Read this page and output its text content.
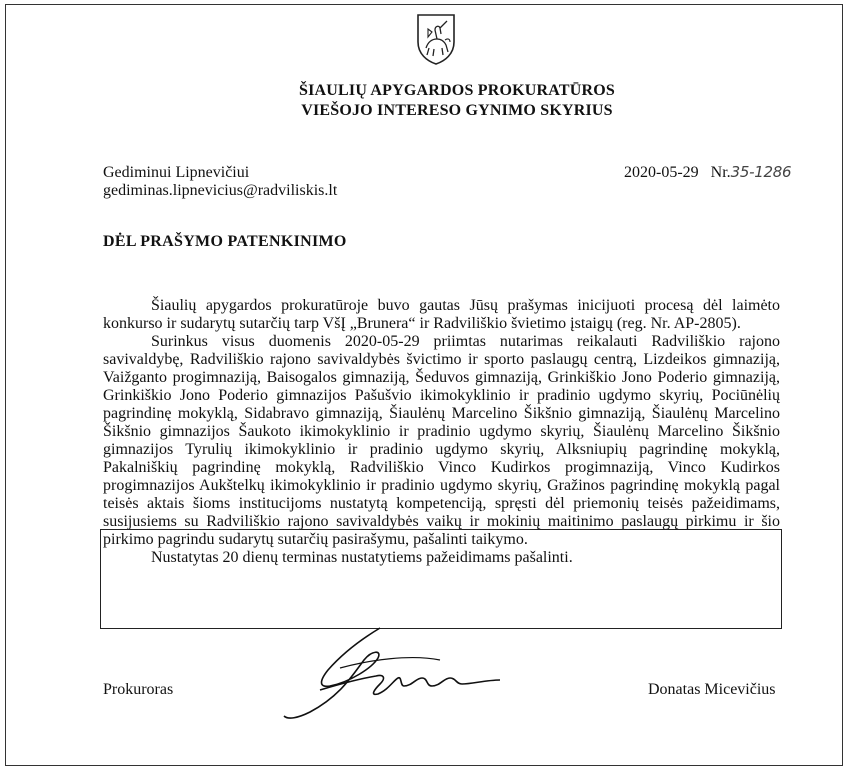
ŠIAULIŲ APYGARDOS PROKURATŪROS
VIEŠOJO INTERESO GYNIMO SKYRIUS
Gediminui Lipnevičiui
gediminas.lipnevicius@radviliskis.lt
2020-05-29 Nr.35-1286
DĖL PRAŠYMO PATENKINIMO

Šiaulių apygardos prokuratūroje buvo gautas Jūsų prašymas inicijuoti procesą dėl laimėto konkurso ir sudarytų sutarčių tarp VšĮ „Brunera“ ir Radviliškio švietimo įstaigų (reg. Nr. AP-2805).

Surinkus visus duomenis 2020-05-29 priimtas nutarimas reikalauti Radviliškio rajono savivaldybę, Radviliškio rajono savivaldybės švictimo ir sporto paslaugų centrą, Lizdeikos gimnaziją, Vaižganto progimnaziją, Baisogalos gimnaziją, Šeduvos gimnaziją, Grinkiškio Jono Poderio gimnaziją, Grinkiškio Jono Poderio gimnazijos Pašušvio ikimokyklinio ir pradinio ugdymo skyrių, Pociūnėlių pagrindinę mokyklą, Sidabravo gimnaziją, Šiaulėnų Marcelino Šikšnio gimnaziją, Šiaulėnų Marcelino Šikšnio gimnazijos Šaukoto ikimokyklinio ir pradinio ugdymo skyrių, Šiaulėnų Marcelino Šikšnio gimnazijos Tyrulių ikimokyklinio ir pradinio ugdymo skyrių, Alksniupių pagrindinę mokyklą, Pakalniškių pagrindinę mokyklą, Radviliškio Vinco Kudirkos progimnaziją, Vinco Kudirkos progimnazijos Aukštelkų ikimokyklinio ir pradinio ugdymo skyrių, Gražinos pagrindinę mokyklą pagal teisės aktais šioms institucijoms nustatytą kompetenciją, spręsti dėl priemonių teisės pažeidimams, susijusiems su Radviliškio rajono savivaldybės vaikų ir mokinių maitinimo paslaugų pirkimu ir šio pirkimo pagrindu sudarytų sutarčių pasirašymu, pašalinti taikymo.

Nustatytas 20 dienų terminas nustatytiems pažeidimams pašalinti.

Prokuroras	Donatas Micevičius
